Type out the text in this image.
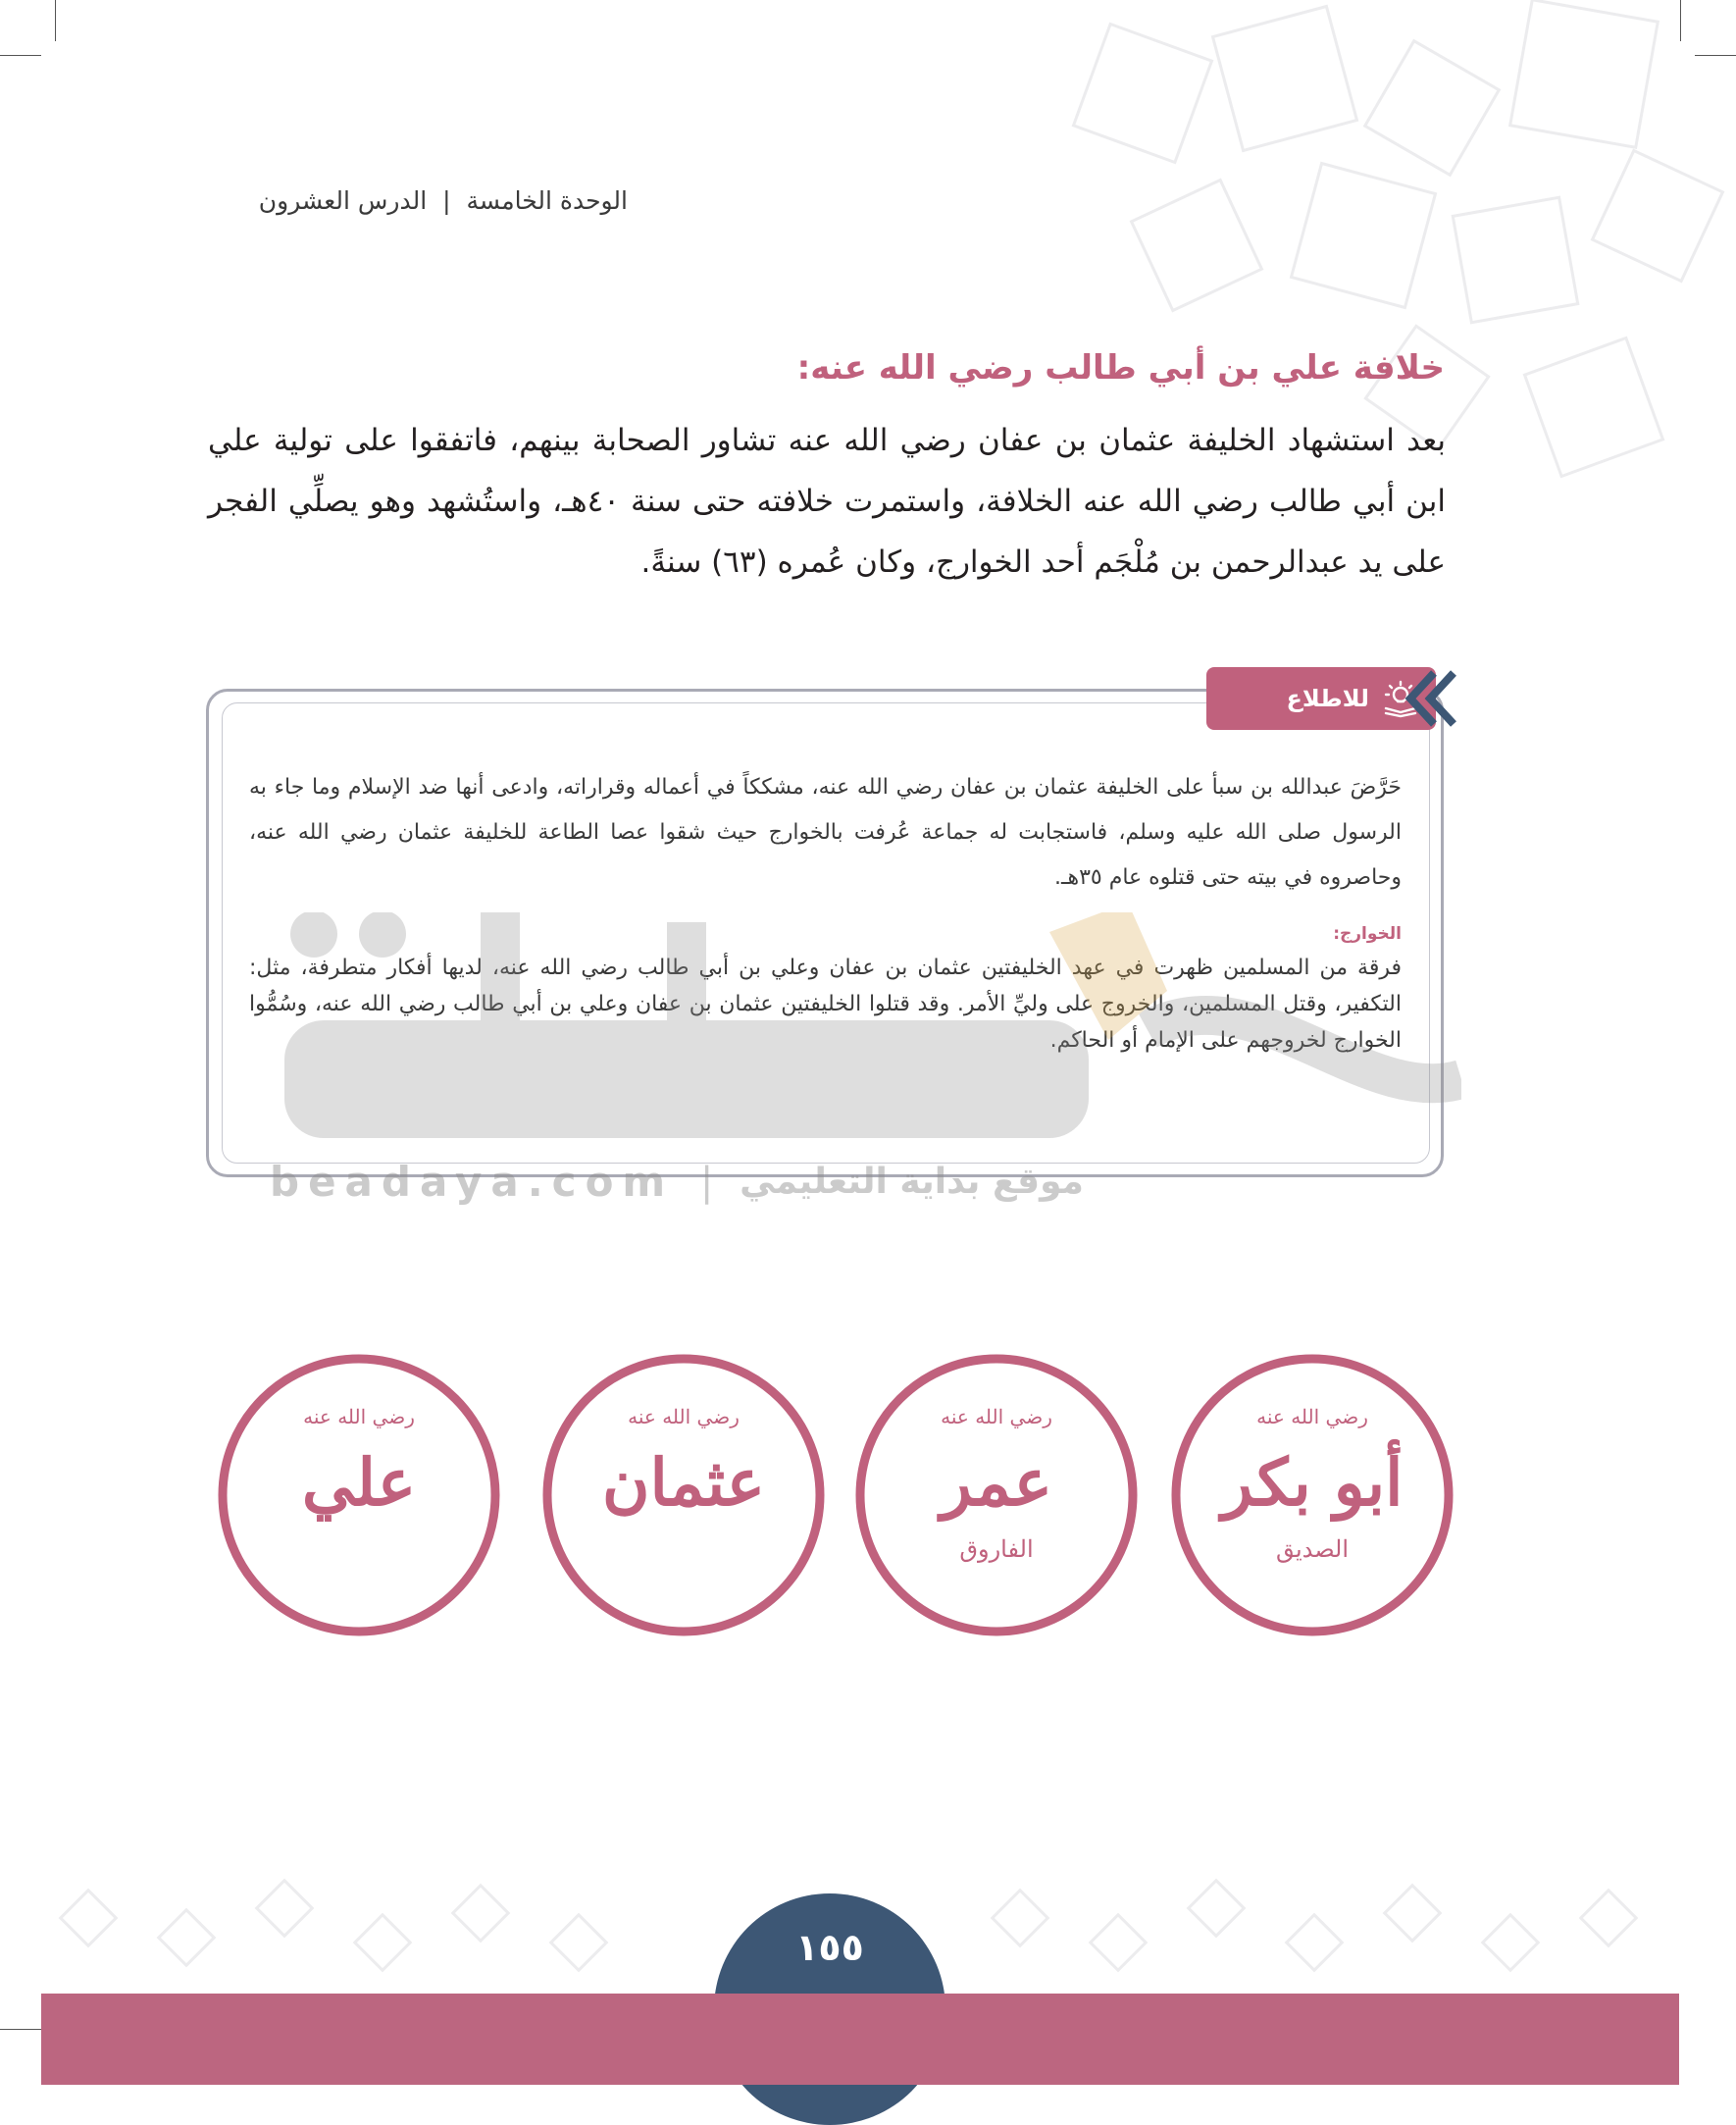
الوحدة الخامسة | الدرس العشرون
خلافة علي بن أبي طالب رضي الله عنه:

بعد استشهاد الخليفة عثمان بن عفان رضي الله عنه تشاور الصحابة بينهم، فاتفقوا على تولية علي ابن أبي طالب رضي الله عنه الخلافة، واستمرت خلافته حتى سنة ٤٠هـ، واستُشهد وهو يصلِّي الفجر على يد عبدالرحمن بن مُلْجَم أحد الخوارج، وكان عُمره (٦٣) سنةً.

للاطلاع

حَرَّضَ عبدالله بن سبأ على الخليفة عثمان بن عفان رضي الله عنه، مشككاً في أعماله وقراراته، وادعى أنها ضد الإسلام وما جاء به الرسول صلى الله عليه وسلم، فاستجابت له جماعة عُرفت بالخوارج حيث شقوا عصا الطاعة للخليفة عثمان رضي الله عنه، وحاصروه في بيته حتى قتلوه عام ٣٥هـ.

الخوارج:

فرقة من المسلمين ظهرت في عهد الخليفتين عثمان بن عفان وعلي بن أبي طالب رضي الله عنه، لديها أفكار متطرفة، مثل: التكفير، وقتل المسلمين، والخروج على وليِّ الأمر. وقد قتلوا الخليفتين عثمان بن عفان وعلي بن أبي طالب رضي الله عنه، وسُمُّوا الخوارج لخروجهم على الإمام أو الحاكم.

beadaya.com | موقع بداية التعليمي
رضي الله عنه
علي
رضي الله عنه
عثمان
رضي الله عنه
عمر
الفاروق
رضي الله عنه
أبو بكر
الصديق
١٥٥
